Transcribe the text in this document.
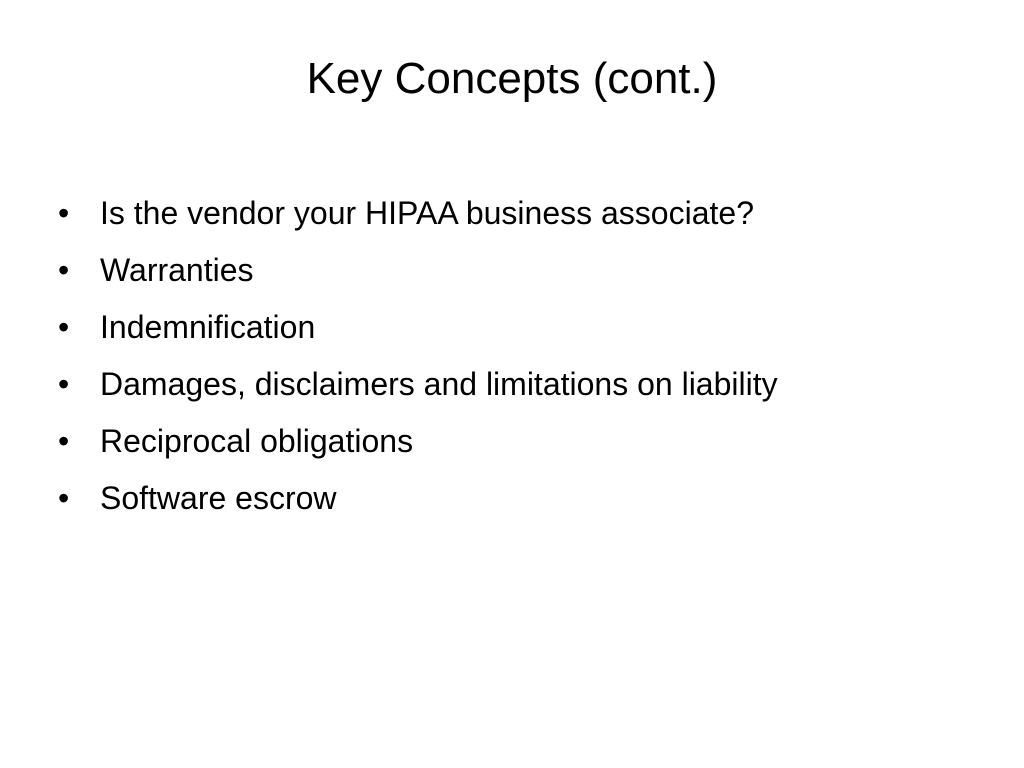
Key Concepts (cont.)
• Is the vendor your HIPAA business associate?
• Warranties
• Indemnification
• Damages, disclaimers and limitations on liability
• Reciprocal obligations
• Software escrow
